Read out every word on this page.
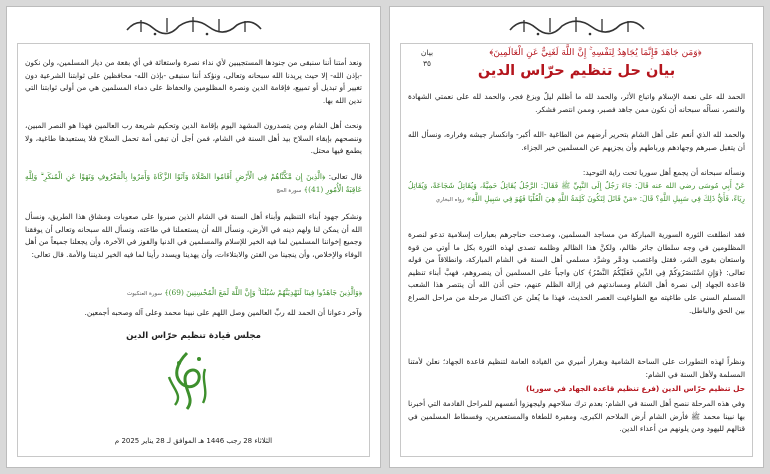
ونعد أمتنا أننا سنبقى من جنودها المستجيبين لأي نداء نصرة واستغاثة في أي بقعة من ديار المسلمين، ولن نكون -بإذن الله- إلا حيث يريدنا الله سبحانه وتعالى، ونؤكد أننا سنبقى -بإذن الله- محافظين على ثوابتنا الشرعية دون تغيير أو تبديل أو تمييع، فإقامة الدين ونصرة المظلومين والحفاظ على دماء المسلمين هي من أولى ثوابتنا التي ندين الله بها.
ونحث أهل الشام ومن يتصدرون المشهد اليوم بإقامة الدين وتحكيم شريعة رب العالمين فهذا هو النصر المبين، وننصحهم بإبقاء السلاح بيد أهل السنة في الشام، فمن أجل أن تبقى أمة تحمل السلاح فلا يستعبدها طاغية، ولا يطمع فيها محتل.
قال تعالى: ﴿الَّذِينَ إِن مَّكَّنَّاهُمْ فِي الْأَرْضِ أَقَامُوا الصَّلَاةَ وَآتَوُا الزَّكَاةَ وَأَمَرُوا بِالْمَعْرُوفِ وَنَهَوْا عَنِ الْمُنكَرِ ۗ وَلِلَّهِ عَاقِبَةُ الْأُمُورِ (41)﴾ سورة الحج
ونشكر جهود أبناء التنظيم وأبناء أهل السنة في الشام الذين صبروا على صعوبات ومشاق هذا الطريق، ونسأل الله أن يمكن لنا ولهم دينه في الأرض، ونسأل الله أن يستعملنا في طاعته، ونسأل الله سبحانه وتعالى أن يوفقنا وجميع إخواننا المسلمين لما فيه الخير للإسلام والمسلمين في الدنيا والفوز في الآخرة، وأن يجعلنا جميعاً من أهل الوفاء والإخلاص، وأن ينجينا من الفتن والابتلاءات، وأن يهدينا ويسدد رأينا لما فيه الخير لديننا والأمة. قال تعالى:
﴿وَالَّذِينَ جَاهَدُوا فِينَا لَنَهْدِيَنَّهُمْ سُبُلَنَا ۚ وَإِنَّ اللَّهَ لَمَعَ الْمُحْسِنِينَ (69)﴾ سورة العنكبوت
وآخر دعوانا أن الحمد لله ربِّ العالمين وصل اللهم على نبينا محمد وعلى آله وصحبه أجمعين.
مجلس قيادة تنظيم حرّاس الدين
الثلاثاء 28 رجب 1446 هـ الموافق لـ 28 يناير 2025 م
بيان
٣٥
﴿وَمَن جَاهَدَ فَإِنَّمَا يُجَاهِدُ لِنَفْسِهِ ۚ إِنَّ اللَّهَ لَغَنِيٌّ عَنِ الْعَالَمِينَ﴾
بيان حل تنظيم حرّاس الدين
الحمد لله على نعمة الإسلام واتباع الأثر، والحمد لله ما أظلم ليلٌ وبزغ فجر، والحمد لله على نعمتي الشهادة والنصر، نسألُه سبحانه أن نكون ممن جاهد فصبر، وممن انتصر فشكر.
والحمد لله الذي أنعم على أهل الشام بتحرير أرضهم من الطاغية -الله أكبر- وانكسار جيشه وفراره، ونسأل الله أن يتقبل صبرهم وجهادهم ورباطهم وأن يجزيهم عن المسلمين خير الجزاء.
ونسأله سبحانه أن يجمع أهل سوريا تحت راية التوحيد:
عَنْ أَبِي مُوسَى رضي الله عنه قَالَ: جَاءَ رَجُلٌ إِلَى النَّبِيِّ ﷺ فَقَالَ: الرَّجُلُ يُقَاتِلُ حَمِيَّةً، وَيُقَاتِلُ شَجَاعَةً، وَيُقَاتِلُ رِيَاءً، فَأَيُّ ذَلِكَ فِي سَبِيلِ اللَّهِ؟ قَالَ: «مَنْ قَاتَلَ لِتَكُونَ كَلِمَةُ اللَّهِ هِيَ الْعُلْيَا فَهُوَ فِي سَبِيلِ اللَّهِ» رواه البخاري
فقد انطلقت الثورة السورية المباركة من مساجد المسلمين، وصدحت حناجرهم بعبارات إسلامية تدعو لنصرة المظلومين في وجه سلطان جائر ظالم، ولكنَّ هذا الظالم وظلمه تصدى لهذه الثورة بكل ما أوتي من قوة واستعان بقوى الشر، فقتل واغتصب ودمَّر وشرَّد مسلمي أهل السنة في الشام المباركة، وانطلاقاً من قوله تعالى: ﴿وَإِنِ اسْتَنصَرُوكُمْ فِي الدِّينِ فَعَلَيْكُمُ النَّصْرُ﴾ كان واجباً على المسلمين أن ينصروهم، فهبَّ أبناء تنظيم قاعدة الجهاد إلى نصرة أهل الشام ومساندتهم في إزالة الظلم عنهم، حتى أذن الله أن ينتصر هذا الشعب المسلم السني على طاغيته مع الطواغيت العصر الحديث، فهذا ما يُعلن عن اكتمال مرحلة من مراحل الصراع بين الحق والباطل.
ونظراً لهذه التطورات على الساحة الشامية وبقرار أميري من القيادة العامة لتنظيم قاعدة الجهاد؛ نعلن لأمتنا المسلمة ولأهل السنة في الشام:
حل تنظيم حرّاس الدين (فرع تنظيم قاعدة الجهاد في سوريا)
وفي هذه المرحلة ننصح أهل السنة في الشام: بعدم ترك سلاحهم وليجهزوا أنفسهم للمراحل القادمة التي أخبرنا بها نبينا محمد ﷺ فأرض الشام أرض الملاحم الكبرى، ومقبرة للطغاة والمستعمرين، وفسطاط المسلمين في قتالهم لليهود ومن يلونهم من أعداء الدين.
